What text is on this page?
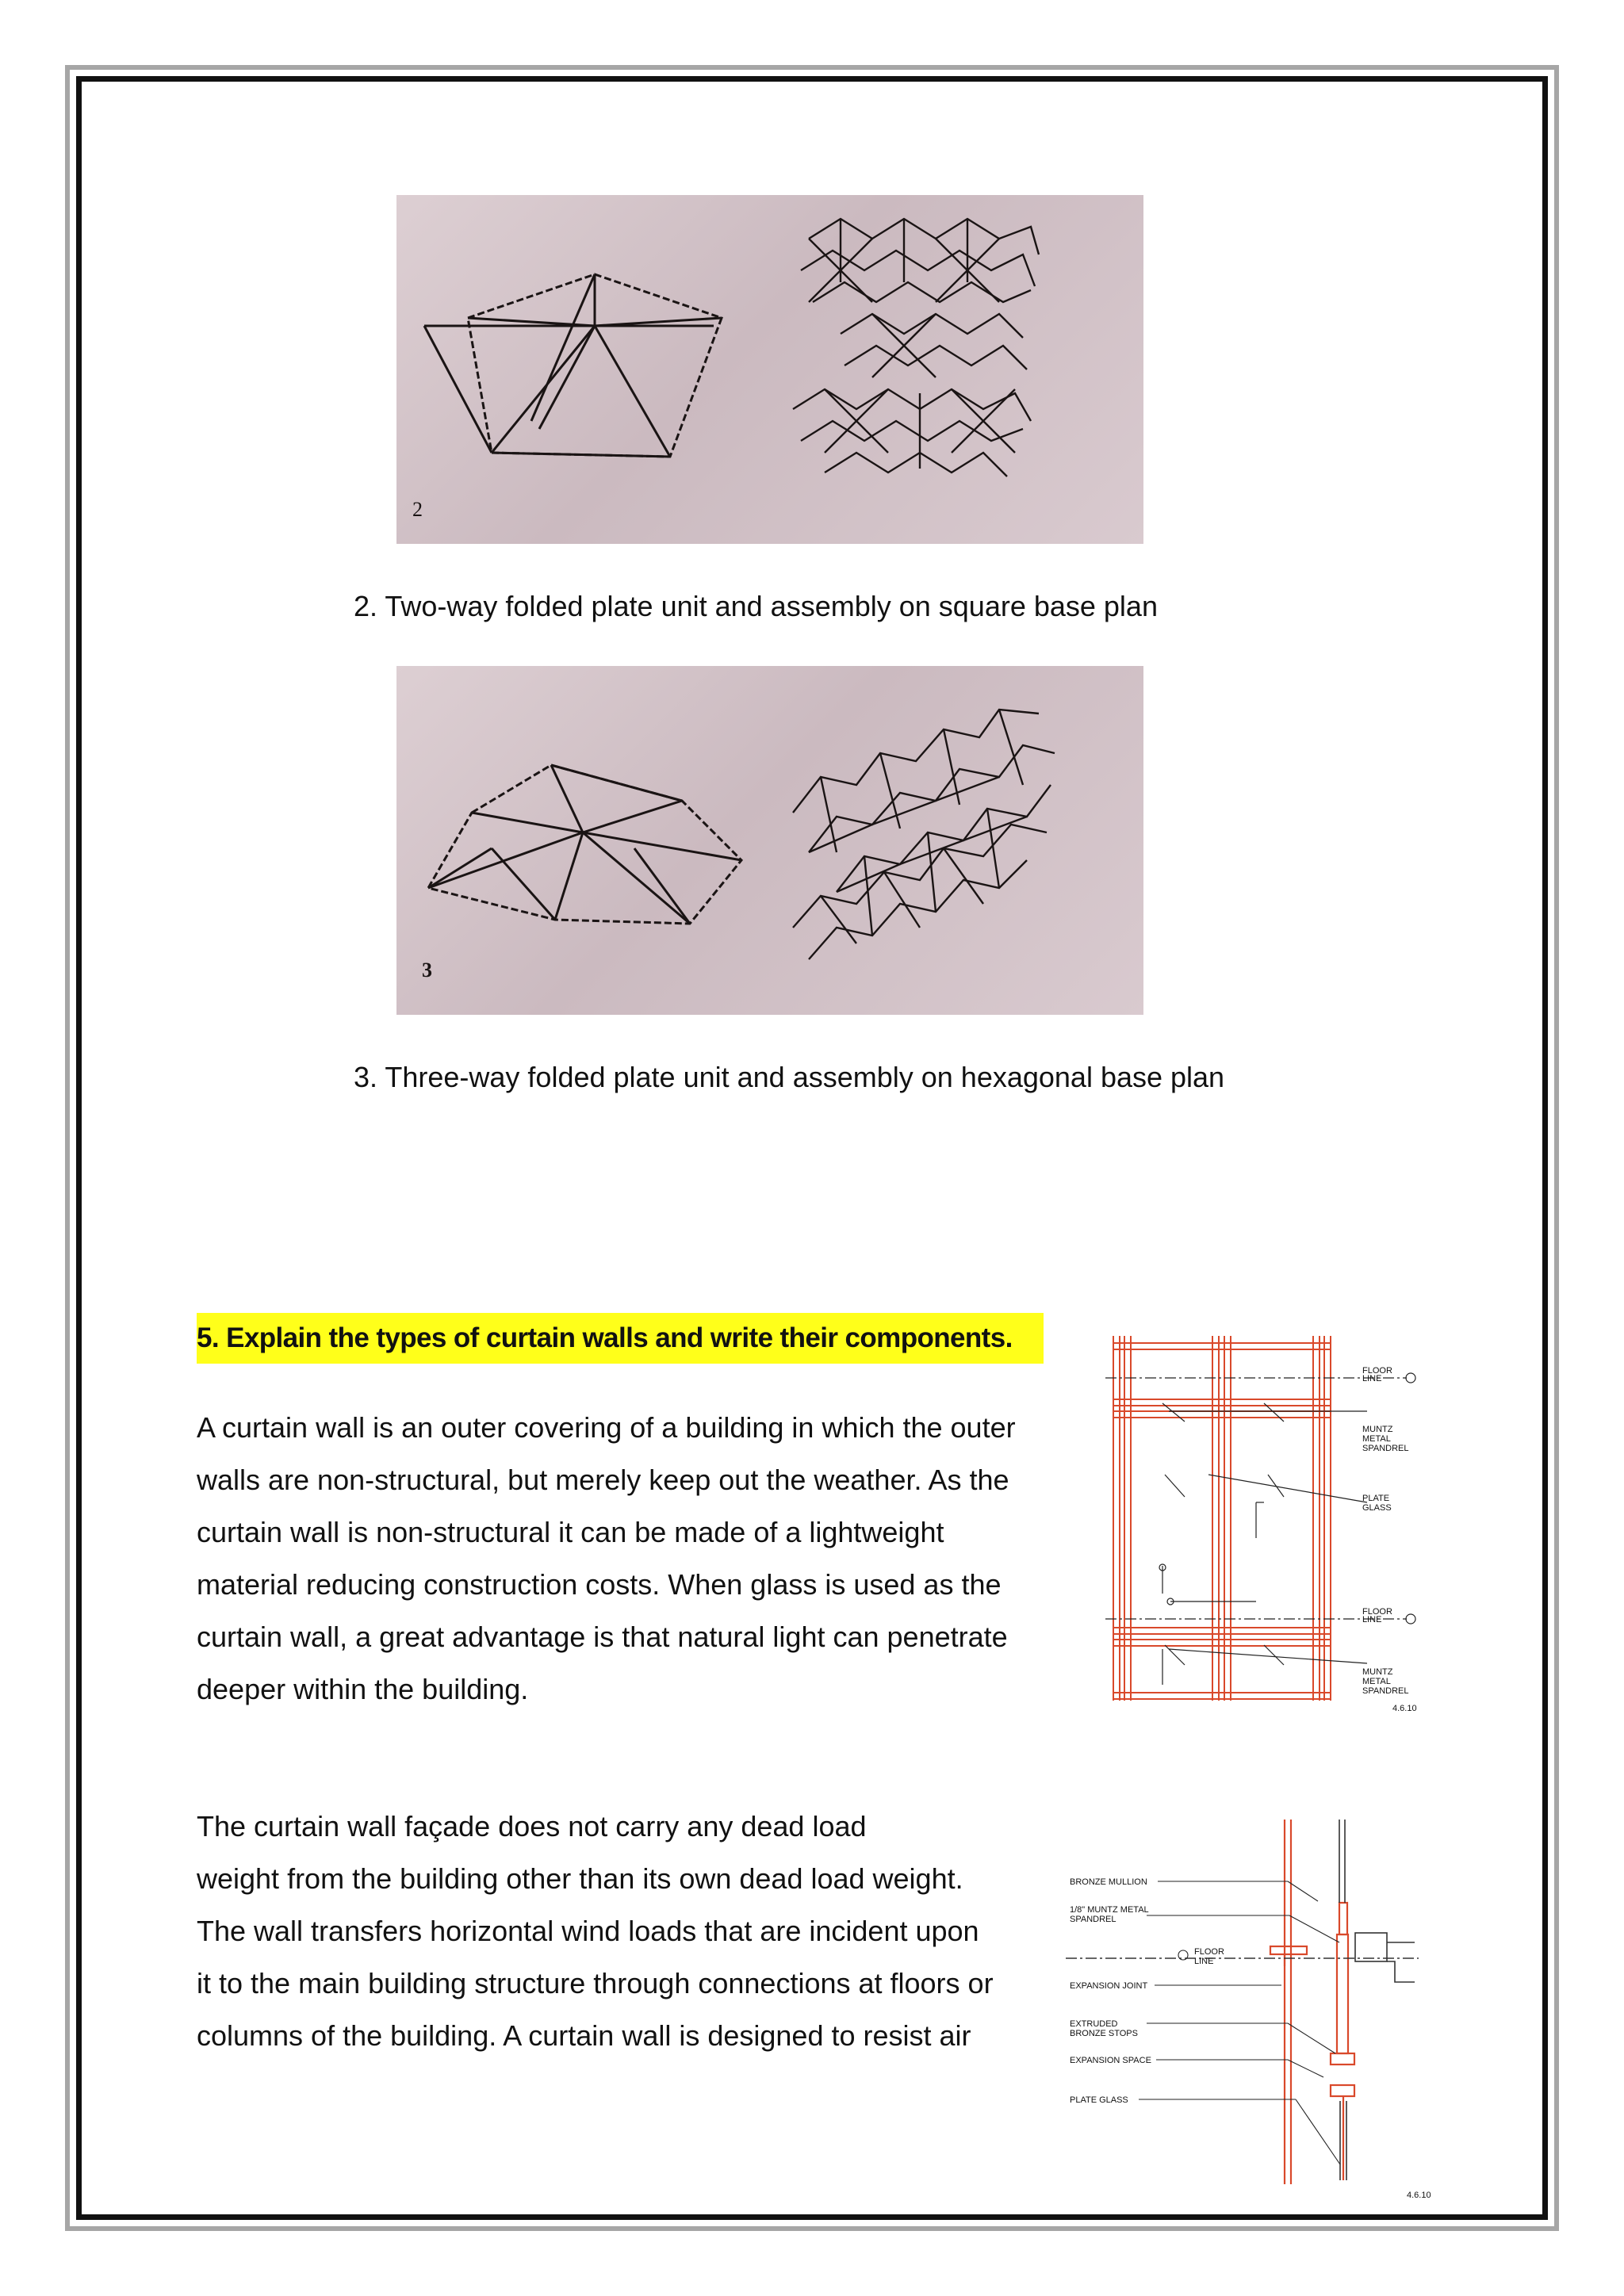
2
2. Two-way folded plate unit and assembly on square base plan
3
3. Three-way folded plate unit and assembly on hexagonal base plan
5. Explain the types of curtain walls and write their components.
A curtain wall is an outer covering of a building in which the outer
walls are non-structural, but merely keep out the weather. As the
curtain wall is non-structural it can be made of a lightweight
material reducing construction costs. When glass is used as the
curtain wall, a great advantage is that natural light can penetrate
deeper within the building.
The curtain wall façade does not carry any dead load
weight from the building other than its own dead load weight.
The wall transfers horizontal wind loads that are incident upon
it to the main building structure through connections at floors or
columns of the building. A curtain wall is designed to resist air
FLOOR
LINE
MUNTZ
METAL
SPANDREL
PLATE
GLASS
FLOOR
LINE
MUNTZ
METAL
SPANDREL
4.6.10
BRONZE MULLION
1/8" MUNTZ METAL
SPANDREL
FLOOR
LINE
EXPANSION JOINT
EXTRUDED
BRONZE STOPS
EXPANSION SPACE
PLATE GLASS
4.6.10
